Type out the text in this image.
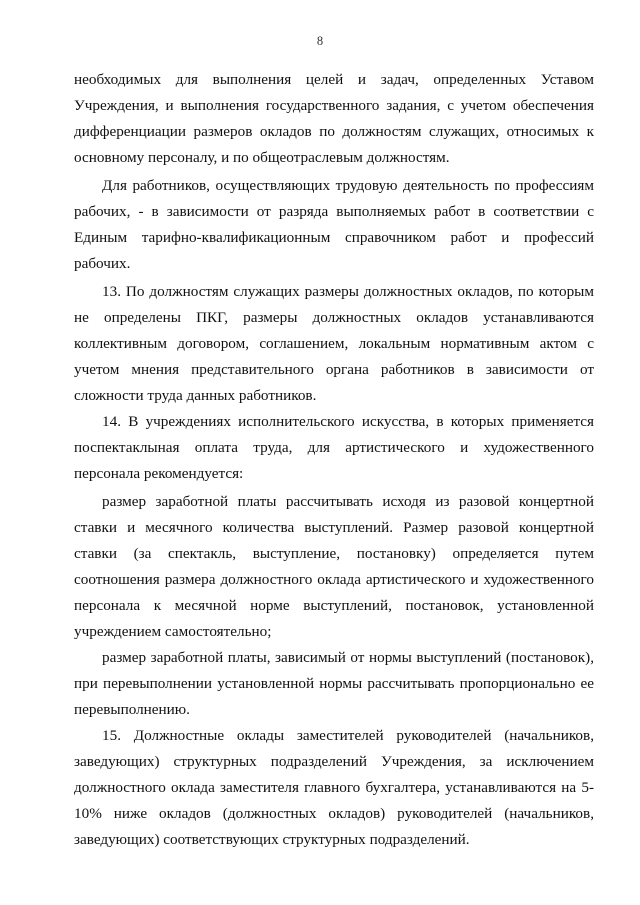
8

необходимых для выполнения целей и задач, определенных Уставом Учреждения, и выполнения государственного задания, с учетом обеспечения дифференциации размеров окладов по должностям служащих, относимых к основному персоналу, и по общеотраслевым должностям.

Для работников, осуществляющих трудовую деятельность по профессиям рабочих, - в зависимости от разряда выполняемых работ в соответствии с Единым тарифно-квалификационным справочником работ и профессий рабочих.

13. По должностям служащих размеры должностных окладов, по которым не определены ПКГ, размеры должностных окладов устанавливаются коллективным договором, соглашением, локальным нормативным актом с учетом мнения представительного органа работников в зависимости от сложности труда данных работников.

14. В учреждениях исполнительского искусства, в которых применяется поспектаклыная оплата труда, для артистического и художественного персонала рекомендуется:

размер заработной платы рассчитывать исходя из разовой концертной ставки и месячного количества выступлений. Размер разовой концертной ставки (за спектакль, выступление, постановку) определяется путем соотношения размера должностного оклада артистического и художественного персонала к месячной норме выступлений, постановок, установленной учреждением самостоятельно;

размер заработной платы, зависимый от нормы выступлений (постановок), при перевыполнении установленной нормы рассчитывать пропорционально ее перевыполнению.

15. Должностные оклады заместителей руководителей (начальников, заведующих) структурных подразделений Учреждения, за исключением должностного оклада заместителя главного бухгалтера, устанавливаются на 5-10% ниже окладов (должностных окладов) руководителей (начальников, заведующих) соответствующих структурных подразделений.
